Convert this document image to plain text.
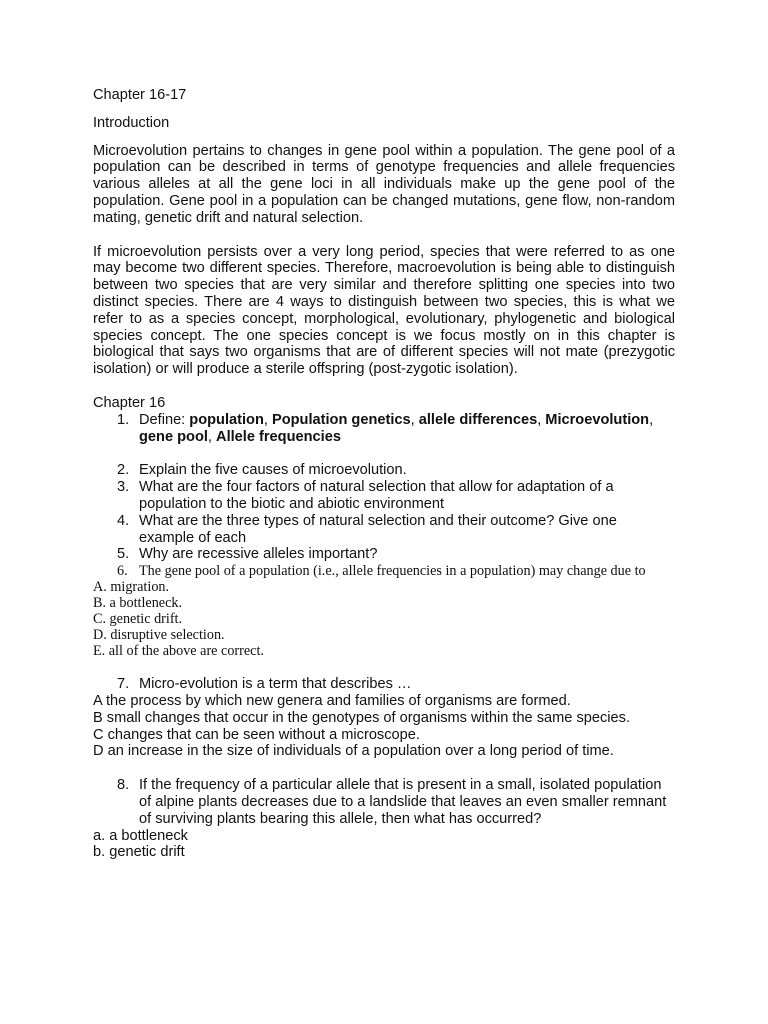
Chapter 16-17

Introduction

Microevolution pertains to changes in gene pool within a population. The gene pool of a population can be described in terms of genotype frequencies and allele frequencies various alleles at all the gene loci in all individuals make up the gene pool of the population. Gene pool in a population can be changed mutations, gene flow, non-random mating, genetic drift and natural selection.

If microevolution persists over a very long period, species that were referred to as one may become two different species. Therefore, macroevolution is being able to distinguish between two species that are very similar and therefore splitting one species into two distinct species. There are 4 ways to distinguish between two species, this is what we refer to as a species concept, morphological, evolutionary, phylogenetic and biological species concept. The one species concept is we focus mostly on in this chapter is biological that says two organisms that are of different species will not mate (prezygotic isolation) or will produce a sterile offspring (post-zygotic isolation).

Chapter 16

1. Define: population, Population genetics, allele differences, Microevolution, gene pool, Allele frequencies
2. Explain the five causes of microevolution.
3. What are the four factors of natural selection that allow for adaptation of a population to the biotic and abiotic environment
4. What are the three types of natural selection and their outcome? Give one example of each
5. Why are recessive alleles important?
6. The gene pool of a population (i.e., allele frequencies in a population) may change due to

A. migration.

B. a bottleneck.

C. genetic drift.

D. disruptive selection.

E. all of the above are correct.

7. Micro-evolution is a term that describes …

A the process by which new genera and families of organisms are formed.

B small changes that occur in the genotypes of organisms within the same species.

C changes that can be seen without a microscope.

D an increase in the size of individuals of a population over a long period of time.

8. If the frequency of a particular allele that is present in a small, isolated population of alpine plants decreases due to a landslide that leaves an even smaller remnant of surviving plants bearing this allele, then what has occurred?

a. a bottleneck

b. genetic drift
